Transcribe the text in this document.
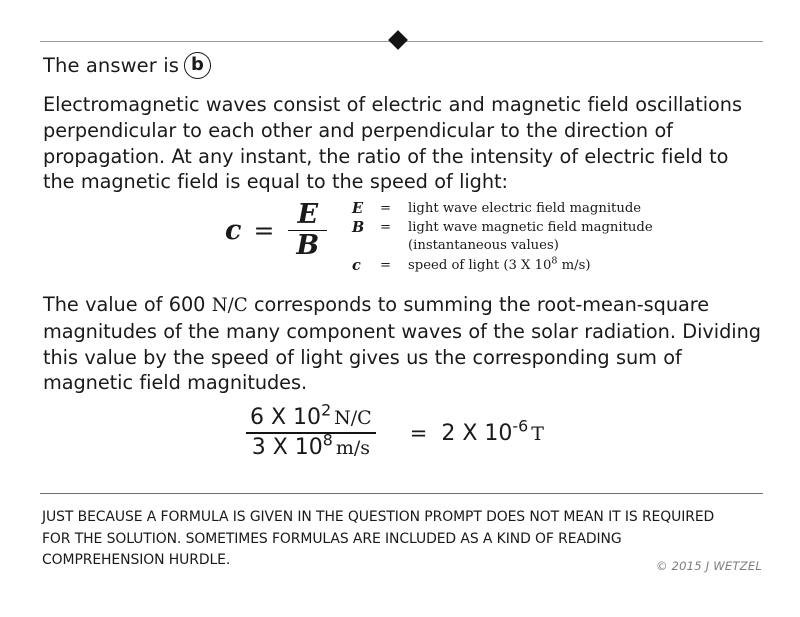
The answer is b
Electromagnetic waves consist of electric and magnetic field oscillations perpendicular to each other and perpendicular to the direction of propagation. At any instant, the ratio of the intensity of electric field to the magnetic field is equal to the speed of light:
$c = \frac{E}{B}$ E	=	light wave electric field magnitude
B	=	light wave magnetic field magnitude
		(instantaneous values)
c	=	speed of light (3 X $10^8$ m/s)
The value of 600 N/C corresponds to summing the root-mean-square magnitudes of the many component waves of the solar radiation. Dividing this value by the speed of light gives us the corresponding sum of magnetic field magnitudes.
$\frac{6 X 10^2 N/C}{3 X 10^8 m/s} = 2$ X $10^{-6}$ T
JUST BECAUSE A FORMULA IS GIVEN IN THE QUESTION PROMPT DOES NOT MEAN IT IS REQUIRED FOR THE SOLUTION. SOMETIMES FORMULAS ARE INCLUDED AS A KIND OF READING COMPREHENSION HURDLE.	© 2015 J WETZEL
